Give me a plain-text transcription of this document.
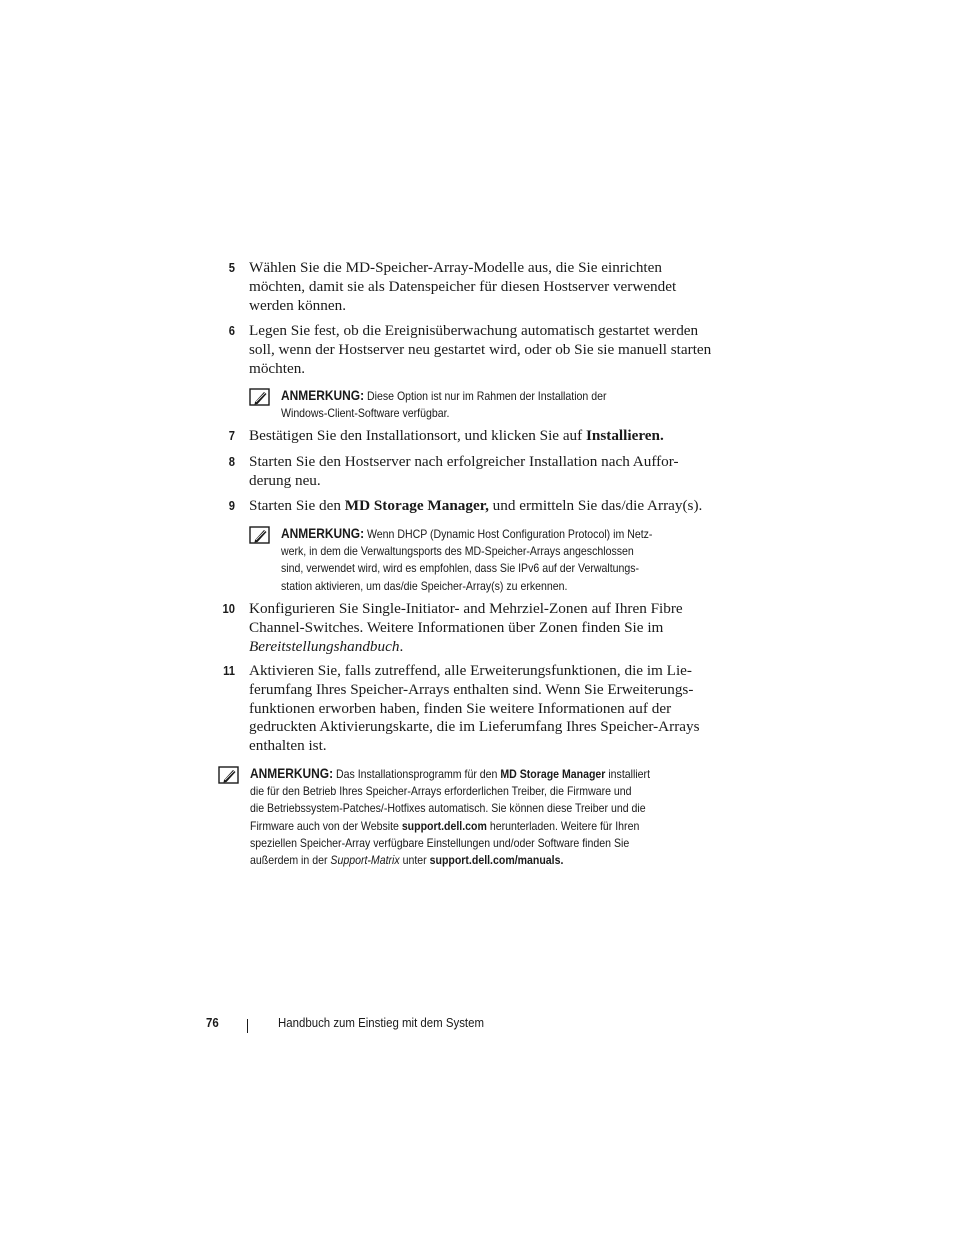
5 Wählen Sie die MD-Speicher-Array-Modelle aus, die Sie einrichten möchten, damit sie als Datenspeicher für diesen Hostserver verwendet werden können.
6 Legen Sie fest, ob die Ereignisüberwachung automatisch gestartet werden soll, wenn der Hostserver neu gestartet wird, oder ob Sie sie manuell starten möchten.
ANMERKUNG: Diese Option ist nur im Rahmen der Installation der
Windows-Client-Software verfügbar.
7 Bestätigen Sie den Installationsort, und klicken Sie auf Installieren.
8 Starten Sie den Hostserver nach erfolgreicher Installation nach Auffor-
derung neu.
9 Starten Sie den MD Storage Manager, und ermitteln Sie das/die Array(s).
ANMERKUNG: Wenn DHCP (Dynamic Host Configuration Protocol) im Netz-
werk, in dem die Verwaltungsports des MD-Speicher-Arrays angeschlossen
sind, verwendet wird, wird es empfohlen, dass Sie IPv6 auf der Verwaltungs-
station aktivieren, um das/die Speicher-Array(s) zu erkennen.
10 Konfigurieren Sie Single-Initiator- and Mehrziel-Zonen auf Ihren Fibre Channel-Switches. Weitere Informationen über Zonen finden Sie im Bereitstellungshandbuch.
11 Aktivieren Sie, falls zutreffend, alle Erweiterungsfunktionen, die im Lie-
ferumfang Ihres Speicher-Arrays enthalten sind. Wenn Sie Erweiterungs-
funktionen erworben haben, finden Sie weitere Informationen auf der
gedruckten Aktivierungskarte, die im Lieferumfang Ihres Speicher-Arrays
enthalten ist.
ANMERKUNG: Das Installationsprogramm für den MD Storage Manager installiert
die für den Betrieb Ihres Speicher-Arrays erforderlichen Treiber, die Firmware und
die Betriebssystem-Patches/-Hotfixes automatisch. Sie können diese Treiber und die
Firmware auch von der Website support.dell.com herunterladen. Weitere für Ihren
speziellen Speicher-Array verfügbare Einstellungen und/oder Software finden Sie
außerdem in der Support-Matrix unter support.dell.com/manuals.
76	Handbuch zum Einstieg mit dem System
